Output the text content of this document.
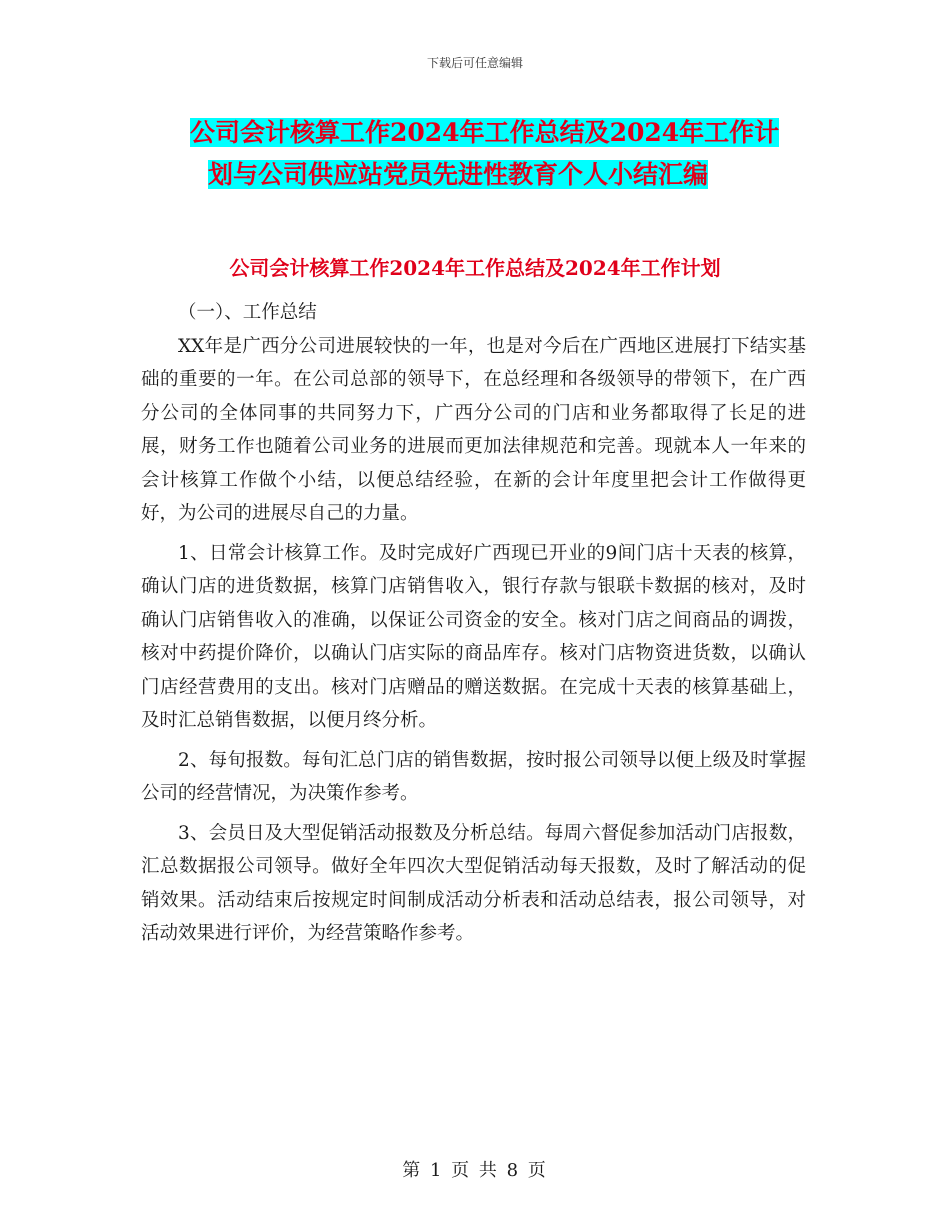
下载后可任意编辑
公司会计核算工作2024年工作总结及2024年工作计
划与公司供应站党员先进性教育个人小结汇编
公司会计核算工作2024年工作总结及2024年工作计划

（一）、工作总结

XX年是广西分公司进展较快的一年，也是对今后在广西地区进展打下结实基础的重要的一年。在公司总部的领导下，在总经理和各级领导的带领下，在广西分公司的全体同事的共同努力下，广西分公司的门店和业务都取得了长足的进展，财务工作也随着公司业务的进展而更加法律规范和完善。现就本人一年来的会计核算工作做个小结，以便总结经验，在新的会计年度里把会计工作做得更好，为公司的进展尽自己的力量。

1、日常会计核算工作。及时完成好广西现已开业的9间门店十天表的核算，确认门店的进货数据，核算门店销售收入，银行存款与银联卡数据的核对，及时确认门店销售收入的准确，以保证公司资金的安全。核对门店之间商品的调拨，核对中药提价降价，以确认门店实际的商品库存。核对门店物资进货数，以确认门店经营费用的支出。核对门店赠品的赠送数据。在完成十天表的核算基础上，及时汇总销售数据，以便月终分析。

2、每旬报数。每旬汇总门店的销售数据，按时报公司领导以便上级及时掌握公司的经营情况，为决策作参考。

3、会员日及大型促销活动报数及分析总结。每周六督促参加活动门店报数，汇总数据报公司领导。做好全年四次大型促销活动每天报数，及时了解活动的促销效果。活动结束后按规定时间制成活动分析表和活动总结表，报公司领导，对活动效果进行评价，为经营策略作参考。

第 1 页 共 8 页
